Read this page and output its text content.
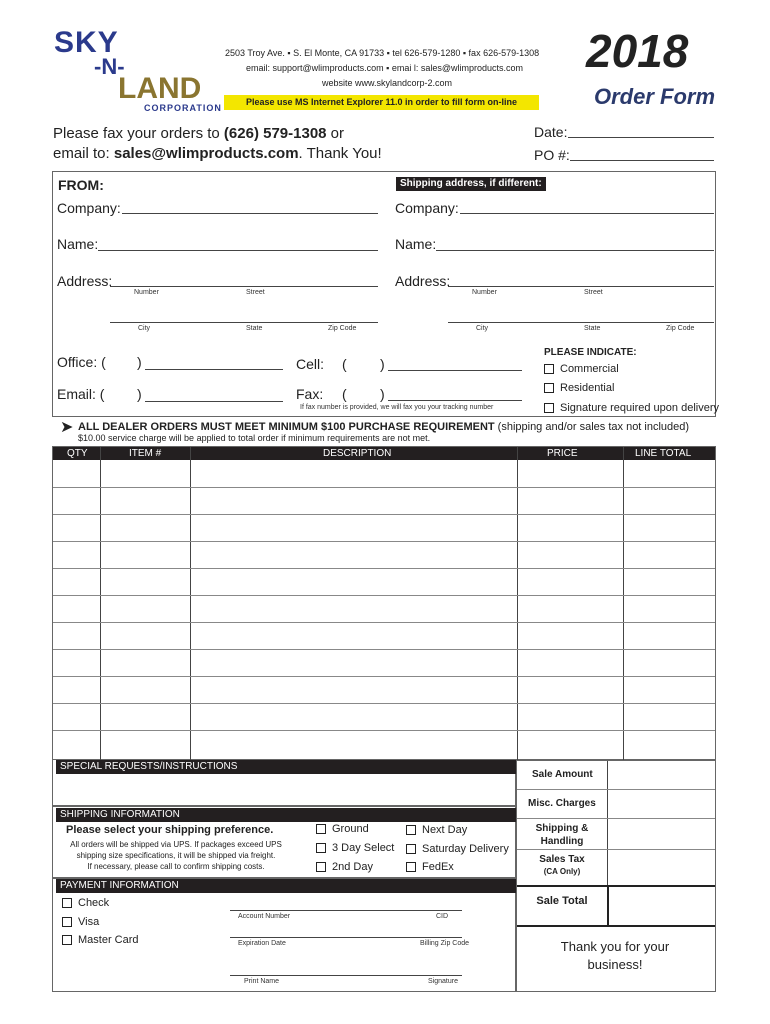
SKY
-N-
LAND
CORPORATION
2503 Troy Ave. ▪ S. El Monte, CA 91733 ▪ tel 626-579-1280 ▪ fax 626-579-1308
email: support@wlimproducts.com ▪ emai l: sales@wlimproducts.com
website www.skylandcorp-2.com
Please use MS Internet Explorer 11.0 in order to fill form on-line
2018
Order Form
Please fax your orders to (626) 579-1308 or
email to: sales@wlimproducts.com. Thank You!
Date:
PO #:
FROM:	Shipping address, if different:
Company:	Company:
Name:	Name:
Address:
Number	Street
Address:
Number	Street
City	State	Zip Code	City	State	Zip Code
Office: ( )
Email: ( )
Cell: ( )
Fax: ( )
If fax number is provided, we will fax you your tracking number
PLEASE INDICATE:
Commercial
Residential
Signature required upon delivery
➤ ALL DEALER ORDERS MUST MEET MINIMUM $100 PURCHASE REQUIREMENT (shipping and/or sales tax not included)
$10.00 service charge will be applied to total order if minimum requirements are not met.
QTY	ITEM #	DESCRIPTION	PRICE	LINE TOTAL
SPECIAL REQUESTS/INSTRUCTIONS
Sale Amount
Misc. Charges
Shipping &
Handling
Sales Tax
(CA Only)
Sale Total
Thank you for your
business!
SHIPPING INFORMATION
Please select your shipping preference.
All orders will be shipped via UPS. If packages exceed UPS
shipping size specifications, it will be shipped via freight.
If necessary, please call to confirm shipping costs.
Ground
3 Day Select
2nd Day
Next Day
Saturday Delivery
FedEx
PAYMENT INFORMATION
Check
Visa
Master Card
Account Number	CID
Expiration Date	Billing Zip Code
Print Name	Signature
